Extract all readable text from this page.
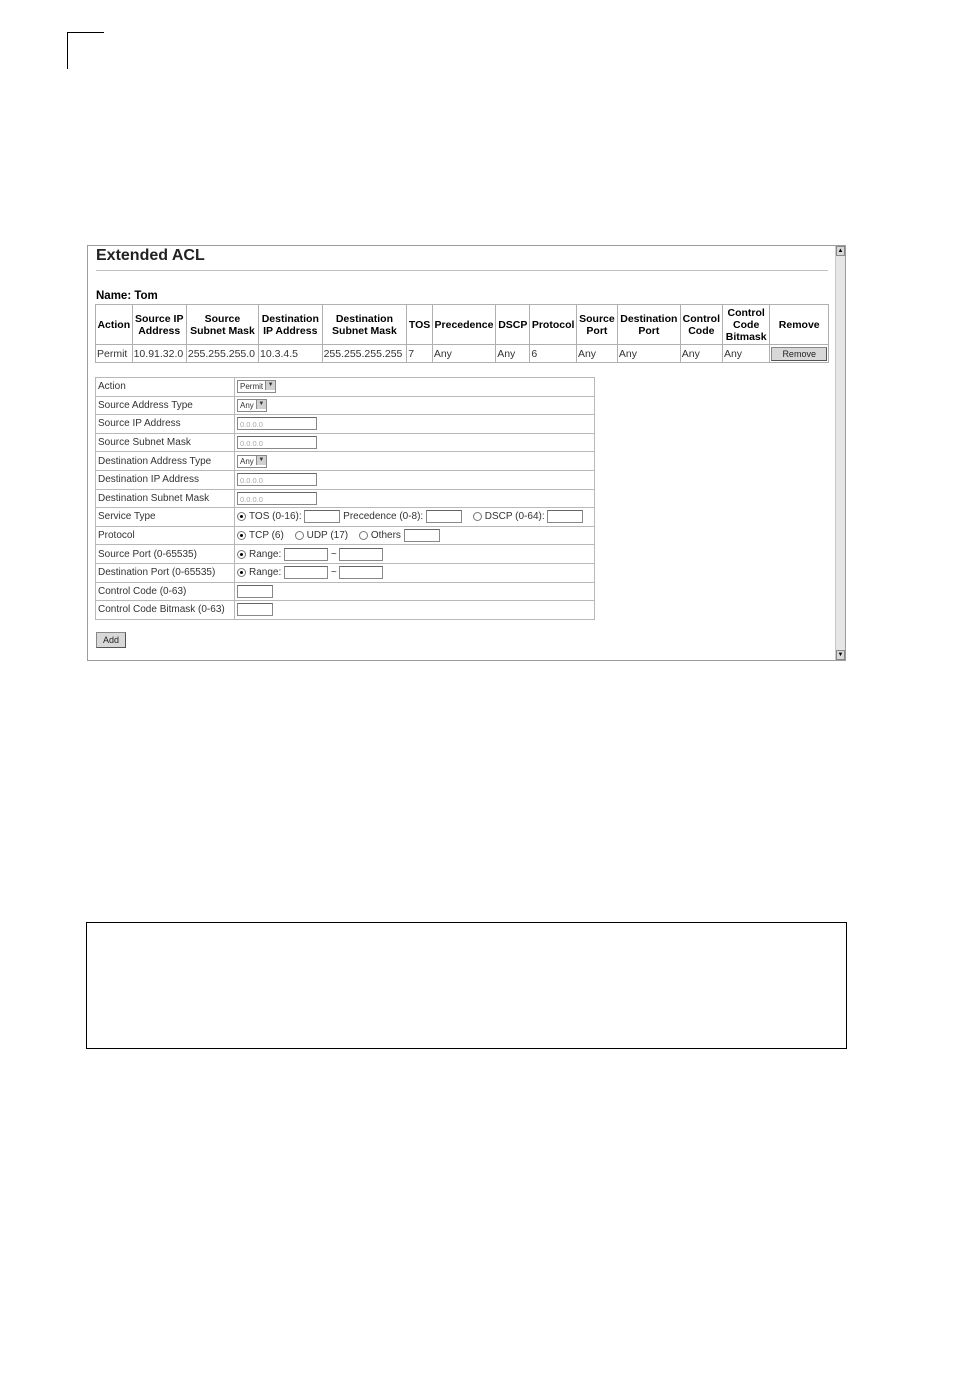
▲
▼
Extended ACL
Name: Tom
Action	Source IP Address	Source Subnet Mask	Destination IP Address	Destination Subnet Mask	TOS	Precedence	DSCP	Protocol	Source Port	Destination Port	Control Code	Control Code Bitmask	Remove
Permit	10.91.32.0	255.255.255.0	10.3.4.5	255.255.255.255	7	Any	Any	6	Any	Any	Any	Any	Remove
Action	Permit ▼
Source Address Type	Any ▼
Source IP Address	0.0.0.0
Source Subnet Mask	0.0.0.0
Destination Address Type	Any ▼
Destination IP Address	0.0.0.0
Destination Subnet Mask	0.0.0.0
Service Type	TOS (0-16): Precedence (0-8): DSCP (0-64):
Protocol	TCP (6) UDP (17) Others
Source Port (0-65535)	Range: ~
Destination Port (0-65535)	Range: ~
Control Code (0-63)	
Control Code Bitmask (0-63)	
Add
